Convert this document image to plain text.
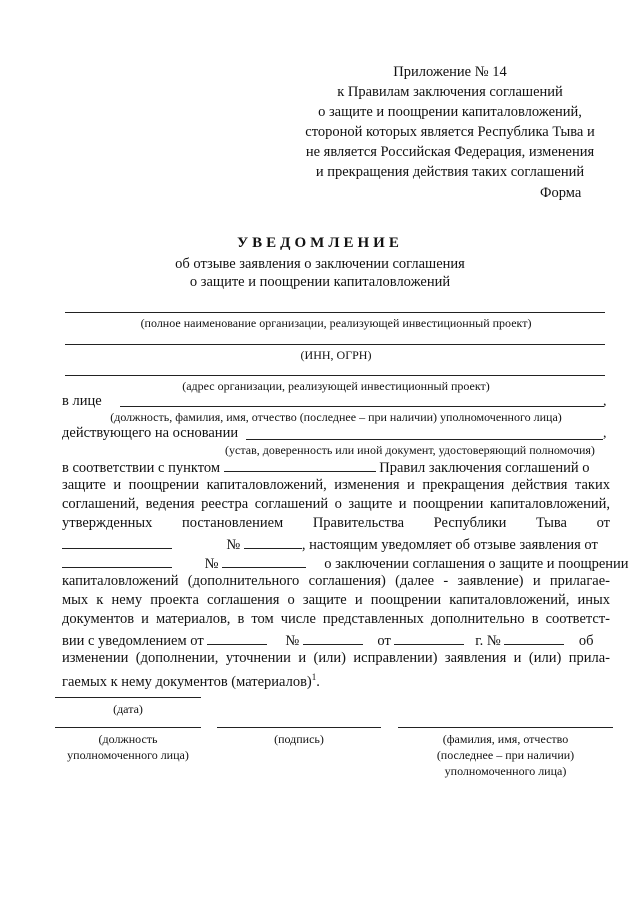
Приложение № 14
к Правилам заключения соглашений
о защите и поощрении капиталовложений,
стороной которых является Республика Тыва и
не является Российская Федерация, изменения
и прекращения действия таких соглашений
Форма
УВЕДОМЛЕНИЕ
об отзыве заявления о заключении соглашения
о защите и поощрении капиталовложений
(полное наименование организации, реализующей инвестиционный проект)
(ИНН, ОГРН)
(адрес организации, реализующей инвестиционный проект)
в лице	,
(должность, фамилия, имя, отчество (последнее – при наличии) уполномоченного лица)
действующего на основании	,
(устав, доверенность или иной документ, удостоверяющий полномочия)
в соответствии с пунктом	Правил заключения соглашений о
защите и поощрении капиталовложений, изменения и прекращения действия таких
соглашений, ведения реестра соглашений о защите и поощрении капиталовложений,
утвержденных постановлением Правительства Республики Тыва от
№	, настоящим уведомляет об отзыве заявления от
№	о заключении соглашения о защите и поощрении
капиталовложений (дополнительного соглашения) (далее - заявление) и прилагае-
мых к нему проекта соглашения о защите и поощрении капиталовложений, иных
документов и материалов, в том числе представленных дополнительно в соответст-
вии с уведомлением от	№	от	г. №	об
изменении (дополнении, уточнении и (или) исправлении) заявления и (или) прила-
гаемых к нему документов (материалов)$^1$.
(дата)
(должность
уполномоченного лица)
(подпись)	(фамилия, имя, отчество
(последнее – при наличии)
уполномоченного лица)
